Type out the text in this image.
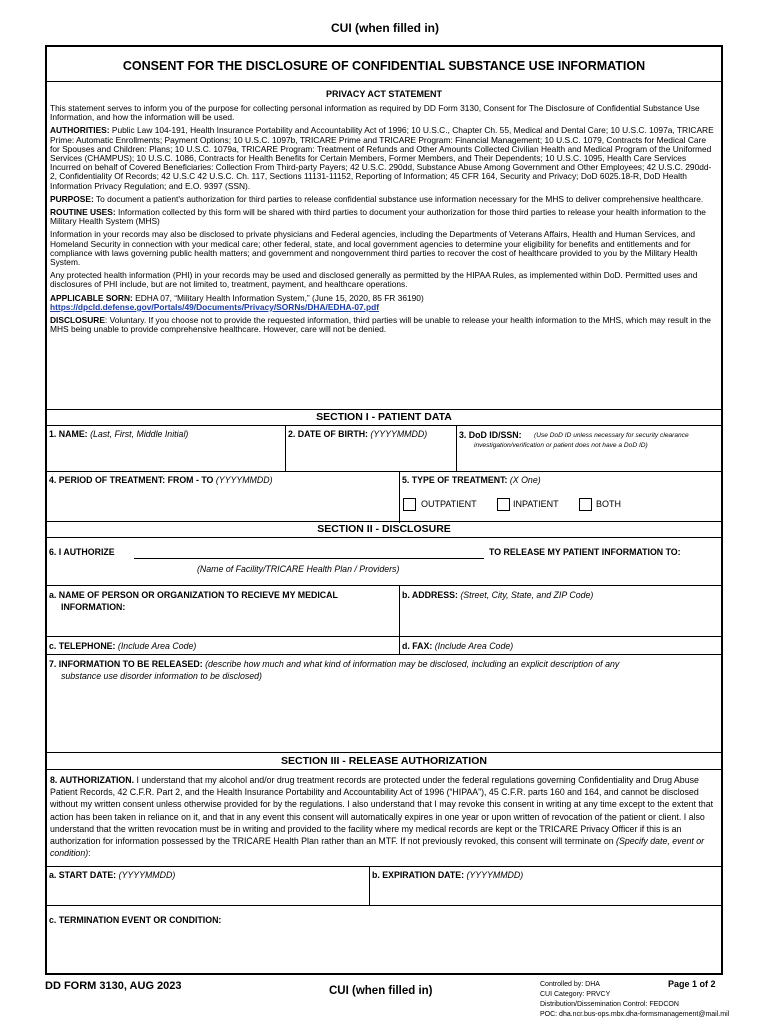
CUI (when filled in)
CONSENT FOR THE DISCLOSURE OF CONFIDENTIAL SUBSTANCE USE INFORMATION
PRIVACY ACT STATEMENT

This statement serves to inform you of the purpose for collecting personal information as required by DD Form 3130, Consent for The Disclosure of Confidential Substance Use Information, and how the information will be used.

AUTHORITIES: Public Law 104-191, Health Insurance Portability and Accountability Act of 1996; 10 U.S.C., Chapter Ch. 55, Medical and Dental Care; 10 U.S.C. 1097a, TRICARE Prime: Automatic Enrollments; Payment Options; 10 U.S.C. 1097b, TRICARE Prime and TRICARE Program: Financial Management; 10 U.S.C. 1079, Contracts for Medical Care for Spouses and Children: Plans; 10 U.S.C. 1079a, TRICARE Program: Treatment of Refunds and Other Amounts Collected Civilian Health and Medical Program of the Uniformed Services (CHAMPUS); 10 U.S.C. 1086, Contracts for Health Benefits for Certain Members, Former Members, and Their Dependents; 10 U.S.C. 1095, Health Care Services Incurred on behalf of Covered Beneficiaries: Collection From Third-party Payers; 42 U.S.C. 290dd, Substance Abuse Among Government and Other Employees; 42 U.S.C. 290dd-2, Confidentiality Of Records; 42 U.S.C 42 U.S.C. Ch. 117, Sections 11131-11152, Reporting of Information; 45 CFR 164, Security and Privacy; DoD 6025.18-R, DoD Health Information Privacy Regulation; and E.O. 9397 (SSN).

PURPOSE: To document a patient's authorization for third parties to release confidential substance use information necessary for the MHS to deliver comprehensive healthcare.

ROUTINE USES: Information collected by this form will be shared with third parties to document your authorization for those third parties to release your health information to the Military Health System (MHS)

Information in your records may also be disclosed to private physicians and Federal agencies, including the Departments of Veterans Affairs, Health and Human Services, and Homeland Security in connection with your medical care; other federal, state, and local government agencies to determine your eligibility for benefits and entitlements and for compliance with laws governing public health matters; and government and nongovernment third parties to recover the cost of healthcare provided to you by the Military Health System.

Any protected health information (PHI) in your records may be used and disclosed generally as permitted by the HIPAA Rules, as implemented within DoD. Permitted uses and disclosures of PHI include, but are not limited to, treatment, payment, and healthcare operations.

APPLICABLE SORN: EDHA 07, “Military Health Information System,” (June 15, 2020, 85 FR 36190) https://dpcld.defense.gov/Portals/49/Documents/Privacy/SORNs/DHA/EDHA-07.pdf

DISCLOSURE: Voluntary. If you choose not to provide the requested information, third parties will be unable to release your health information to the MHS, which may result in the MHS being unable to provide comprehensive healthcare. However, care will not be denied.

SECTION I - PATIENT DATA
1. NAME: (Last, First, Middle Initial)	2. DATE OF BIRTH: (YYYYMMDD)	3. DoD ID/SSN: (Use DoD ID unless necessary for security clearance
investigation/verification or patient does not have a DoD ID)
4. PERIOD OF TREATMENT: FROM - TO (YYYYMMDD)	5. TYPE OF TREATMENT: (X One)
OUTPATIENT	INPATIENT	BOTH
SECTION II - DISCLOSURE
6. I AUTHORIZE	TO RELEASE MY PATIENT INFORMATION TO:
(Name of Facility/TRICARE Health Plan / Providers)
a. NAME OF PERSON OR ORGANIZATION TO RECIEVE MY MEDICAL
INFORMATION:
b. ADDRESS: (Street, City, State, and ZIP Code)
c. TELEPHONE: (Include Area Code)	d. FAX: (Include Area Code)
7. INFORMATION TO BE RELEASED: (describe how much and what kind of information may be disclosed, including an explicit description of any
substance use disorder information to be disclosed)
SECTION III - RELEASE AUTHORIZATION
8. AUTHORIZATION. I understand that my alcohol and/or drug treatment records are protected under the federal regulations governing Confidentiality and Drug Abuse Patient Records, 42 C.F.R. Part 2, and the Health Insurance Portability and Accountability Act of 1996 (“HIPAA”), 45 C.F.R. parts 160 and 164, and cannot be disclosed without my written consent unless otherwise provided for by the regulations. I also understand that I may revoke this consent in writing at any time except to the extent that action has been taken in reliance on it, and that in any event this consent will automatically expires in one year or upon written of revocation of the patient or client. I also understand that the written revocation must be in writing and provided to the facility where my medical records are kept or the TRICARE Privacy Officer if this is an authorization for information possessed by the TRICARE Health Plan rather than an MTF. If not previously revoked, this consent will terminate on (Specify date, event or condition):
a. START DATE: (YYYYMMDD)	b. EXPIRATION DATE: (YYYYMMDD)
c. TERMINATION EVENT OR CONDITION:
DD FORM 3130, AUG 2023	CUI (when filled in)
Controlled by: DHA
CUI Category: PRVCY
Distribution/Dissemination Control: FEDCON
POC: dha.ncr.bus-ops.mbx.dha-formsmanagement@mail.mil
Page 1 of 2
